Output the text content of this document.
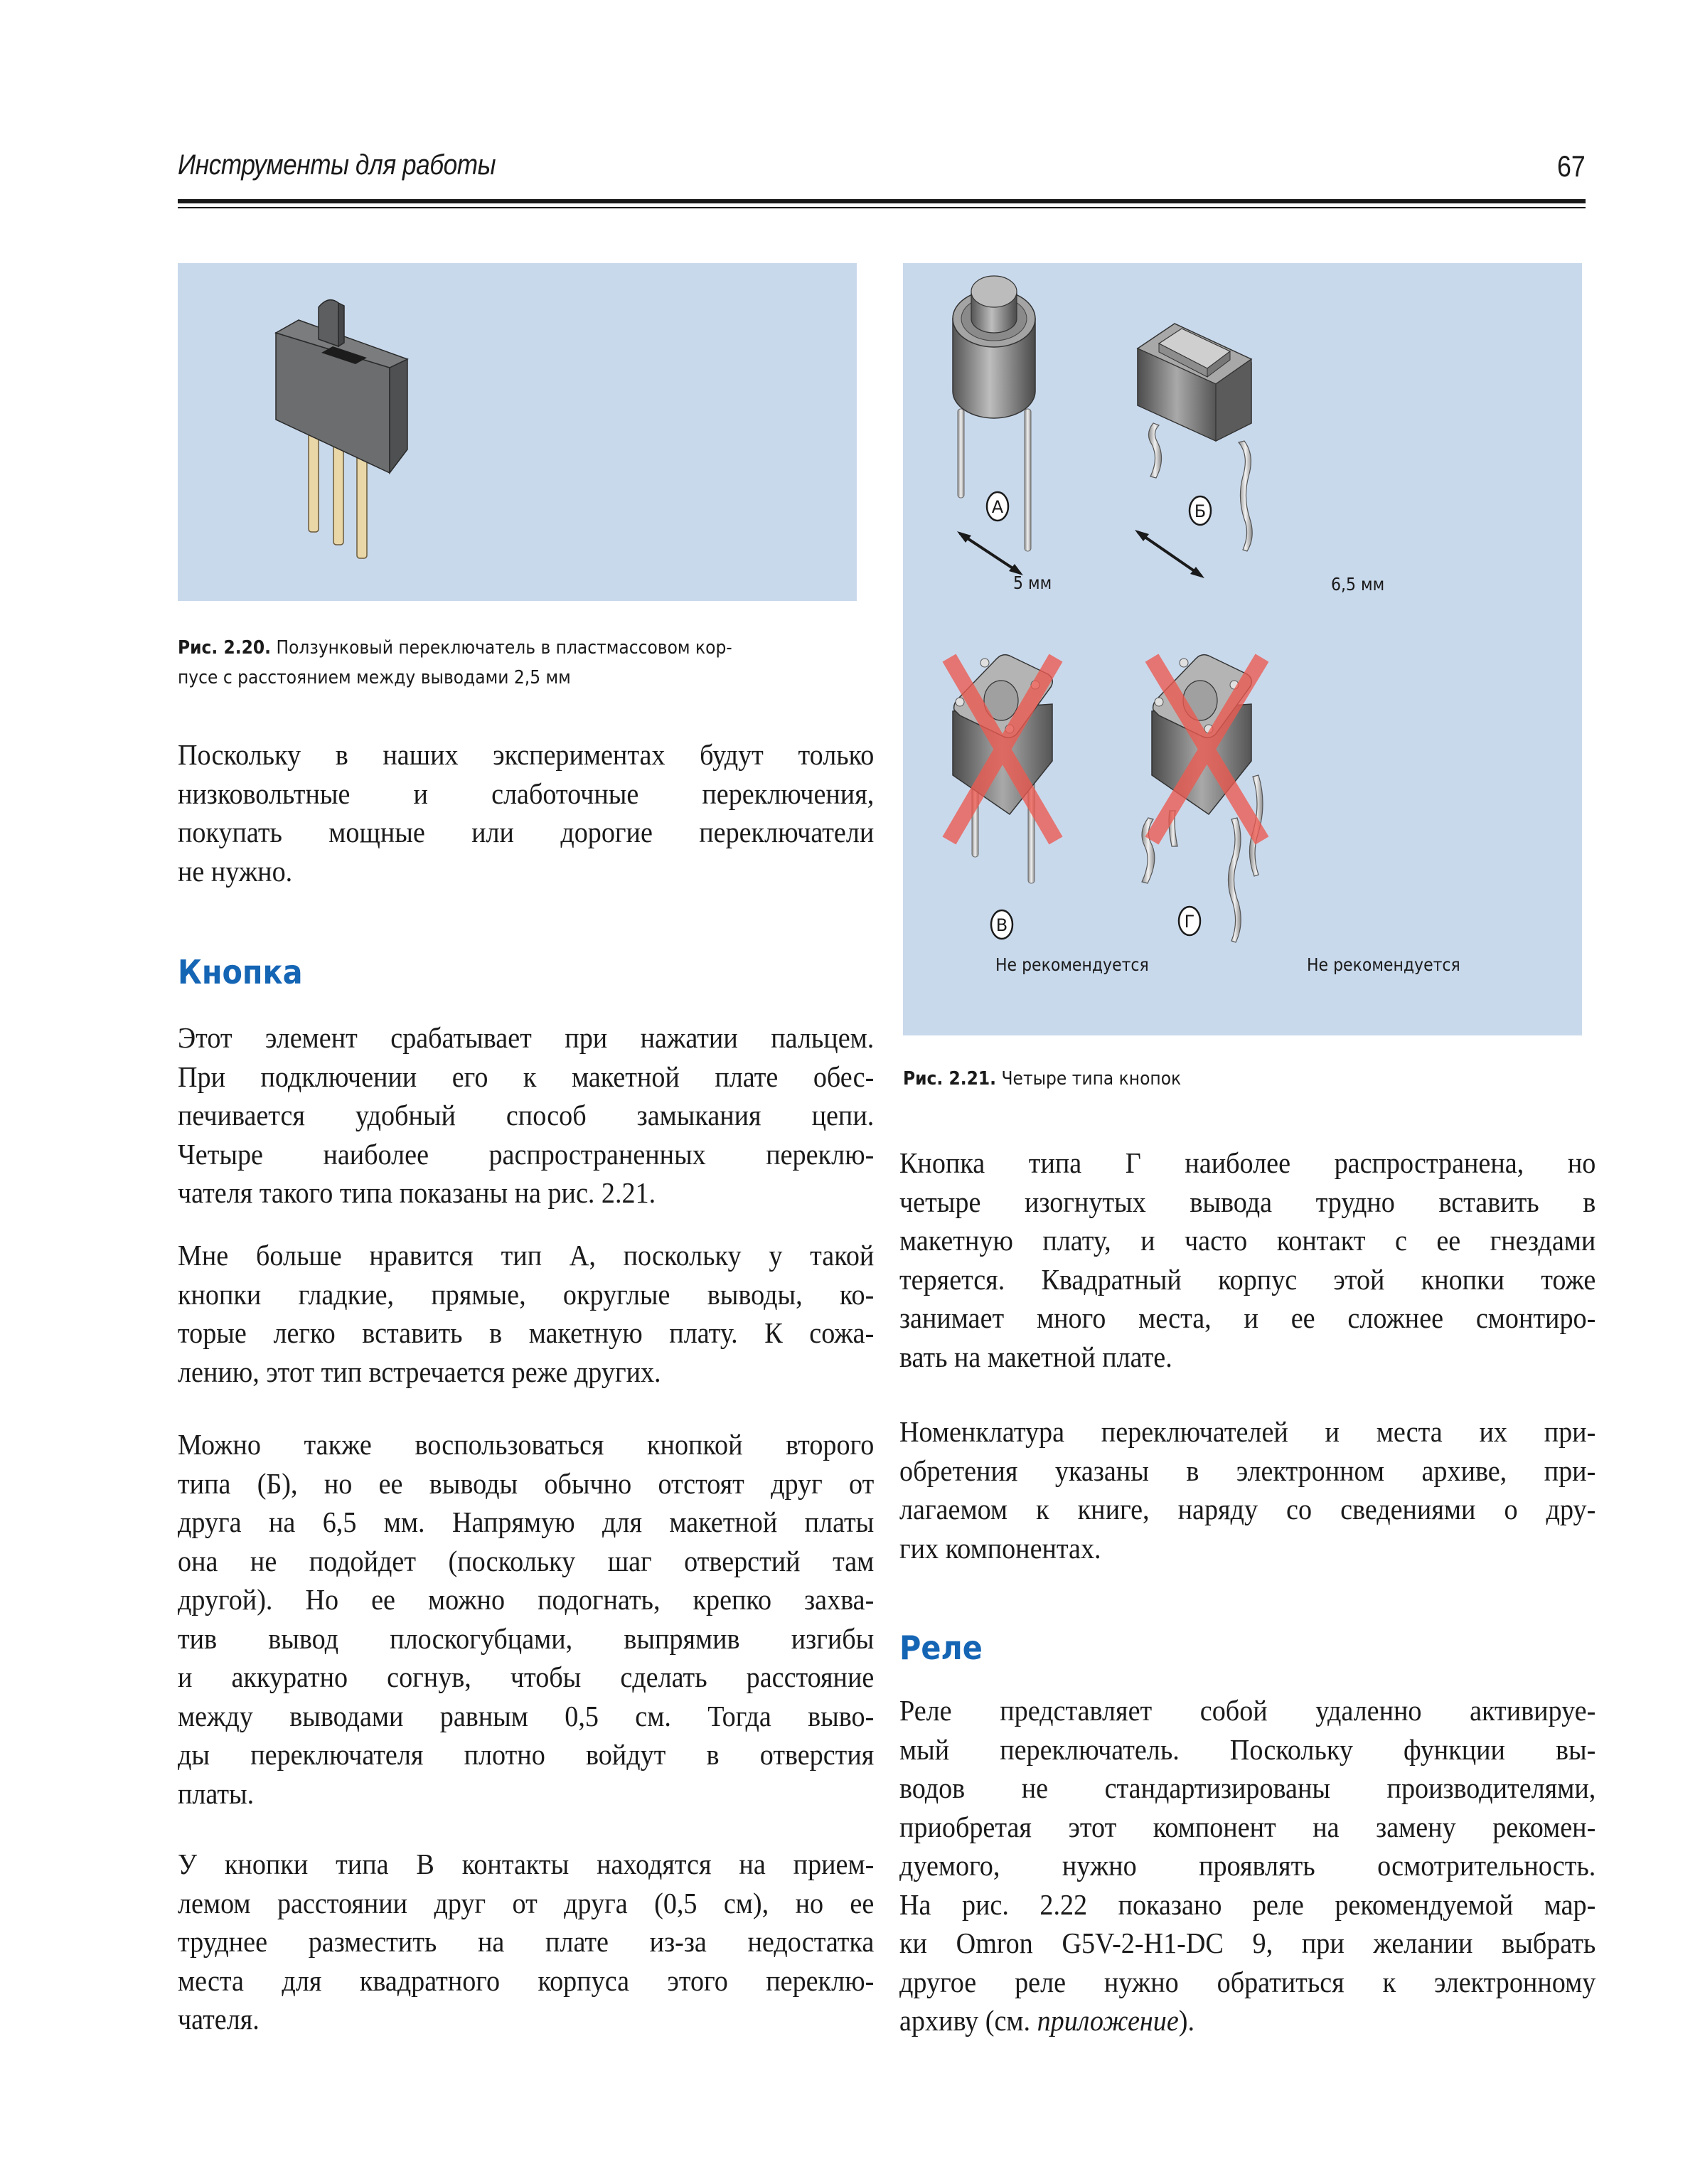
Инструменты для работы	67
Рис. 2.20. Ползунковый переключатель в пластмассовом кор-
пусе с расстоянием между выводами 2,5 мм
Поскольку в наших экспериментах будут только
низковольтные и слаботочные переключения,
покупать мощные или дорогие переключатели
не нужно.
Кнопка
Этот элемент срабатывает при нажатии пальцем.
При подключении его к макетной плате обес-
печивается удобный способ замыкания цепи.
Четыре наиболее распространенных переклю-
чателя такого типа показаны на рис. 2.21.
Мне больше нравится тип А, поскольку у такой
кнопки гладкие, прямые, округлые выводы, ко-
торые легко вставить в макетную плату. К сожа-
лению, этот тип встречается реже других.
Можно также воспользоваться кнопкой второго
типа (Б), но ее выводы обычно отстоят друг от
друга на 6,5 мм. Напрямую для макетной платы
она не подойдет (поскольку шаг отверстий там
другой). Но ее можно подогнать, крепко захва-
тив вывод плоскогубцами, выпрямив изгибы
и аккуратно согнув, чтобы сделать расстояние
между выводами равным 0,5 см. Тогда выво-
ды переключателя плотно войдут в отверстия
платы.
У кнопки типа В контакты находятся на прием-
лемом расстоянии друг от друга (0,5 см), но ее
труднее разместить на плате из-за недостатка
места для квадратного корпуса этого переклю-
чателя.
А	Б
В	Г
5 мм	6,5 мм
Не рекомендуется	Не рекомендуется
Рис. 2.21. Четыре типа кнопок
Кнопка типа Г наиболее распространена, но
четыре изогнутых вывода трудно вставить в
макетную плату, и часто контакт с ее гнездами
теряется. Квадратный корпус этой кнопки тоже
занимает много места, и ее сложнее смонтиро-
вать на макетной плате.
Номенклатура переключателей и места их при-
обретения указаны в электронном архиве, при-
лагаемом к книге, наряду со сведениями о дру-
гих компонентах.
Реле
Реле представляет собой удаленно активируе-
мый переключатель. Поскольку функции вы-
водов не стандартизированы производителями,
приобретая этот компонент на замену рекомен-
дуемого, нужно проявлять осмотрительность.
На рис. 2.22 показано реле рекомендуемой мар-
ки Omron G5V-2-H1-DC 9, при желании выбрать
другое реле нужно обратиться к электронному
архиву (см. приложение).
